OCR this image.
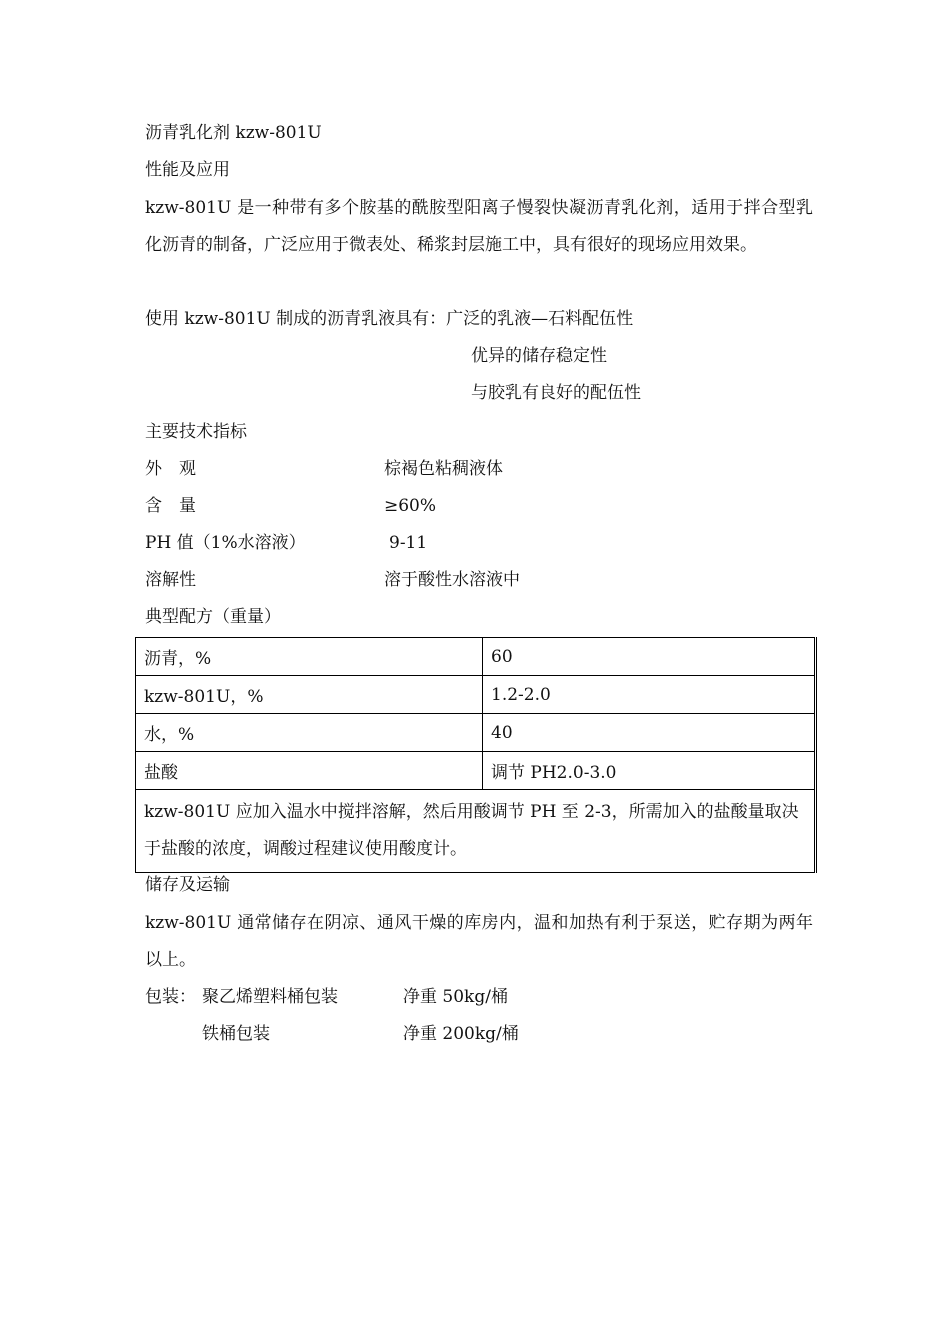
沥青乳化剂 kzw-801U
性能及应用
kzw-801U 是一种带有多个胺基的酰胺型阳离子慢裂快凝沥青乳化剂，适用于拌合型乳化沥青的制备，广泛应用于微表处、稀浆封层施工中，具有很好的现场应用效果。
使用 kzw-801U 制成的沥青乳液具有：广泛的乳液—石料配伍性
优异的储存稳定性
与胶乳有良好的配伍性
主要技术指标
外　观	棕褐色粘稠液体
含　量	≥60%
PH 值（1%水溶液）	9-11
溶解性	溶于酸性水溶液中
典型配方（重量）
沥青，%	60
kzw-801U，%	1.2-2.0
水，%	40
盐酸	调节 PH2.0-3.0
kzw-801U 应加入温水中搅拌溶解，然后用酸调节 PH 至 2-3，所需加入的盐酸量取决于盐酸的浓度，调酸过程建议使用酸度计。	
储存及运输
kzw-801U 通常储存在阴凉、通风干燥的库房内，温和加热有利于泵送，贮存期为两年以上。
包装： 聚乙烯塑料桶包装	净重 50kg/桶
铁桶包装	净重 200kg/桶
